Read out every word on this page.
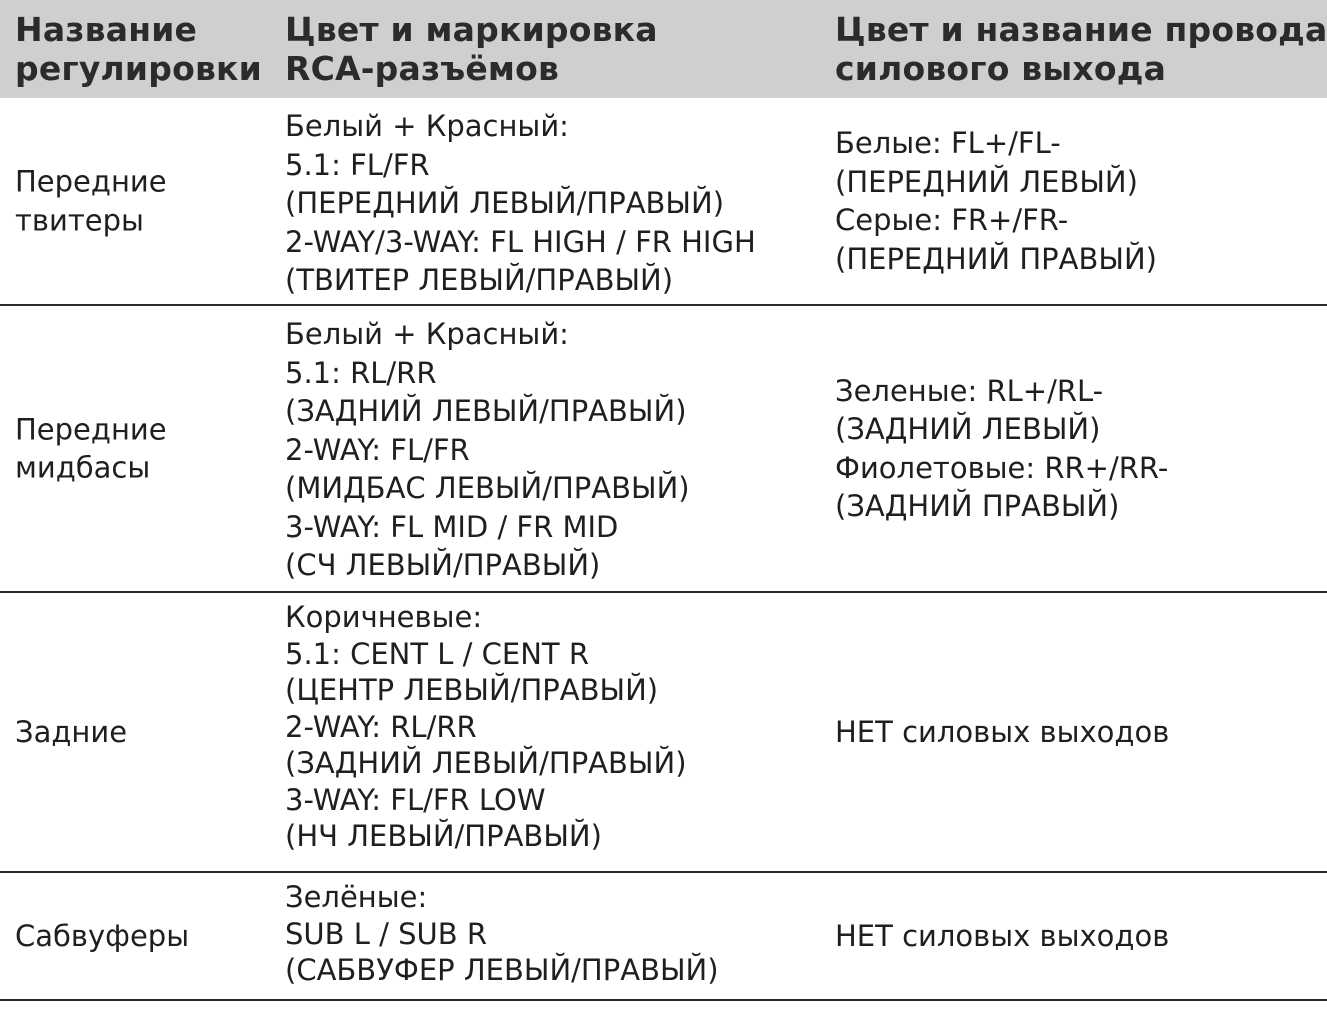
Название
регулировки
Цвет и маркировка
RCA-разъёмов
Цвет и название провода
силового выхода
Передние
твитеры
Белый + Красный:
5.1: FL/FR
(ПЕРЕДНИЙ ЛЕВЫЙ/ПРАВЫЙ)
2-WAY/3-WAY: FL HIGH / FR HIGH
(ТВИТЕР ЛЕВЫЙ/ПРАВЫЙ)
Белые: FL+/FL-
(ПЕРЕДНИЙ ЛЕВЫЙ)
Серые: FR+/FR-
(ПЕРЕДНИЙ ПРАВЫЙ)
Передние
мидбасы
Белый + Красный:
5.1: RL/RR
(ЗАДНИЙ ЛЕВЫЙ/ПРАВЫЙ)
2-WAY: FL/FR
(МИДБАС ЛЕВЫЙ/ПРАВЫЙ)
3-WAY: FL MID / FR MID
(СЧ ЛЕВЫЙ/ПРАВЫЙ)
Зеленые: RL+/RL-
(ЗАДНИЙ ЛЕВЫЙ)
Фиолетовые: RR+/RR-
(ЗАДНИЙ ПРАВЫЙ)
Задние
Коричневые:
5.1: CENT L / CENT R
(ЦЕНТР ЛЕВЫЙ/ПРАВЫЙ)
2-WAY: RL/RR
(ЗАДНИЙ ЛЕВЫЙ/ПРАВЫЙ)
3-WAY: FL/FR LOW
(НЧ ЛЕВЫЙ/ПРАВЫЙ)
НЕТ силовых выходов
Сабвуферы
Зелёные:
SUB L / SUB R
(САБВУФЕР ЛЕВЫЙ/ПРАВЫЙ)
НЕТ силовых выходов
